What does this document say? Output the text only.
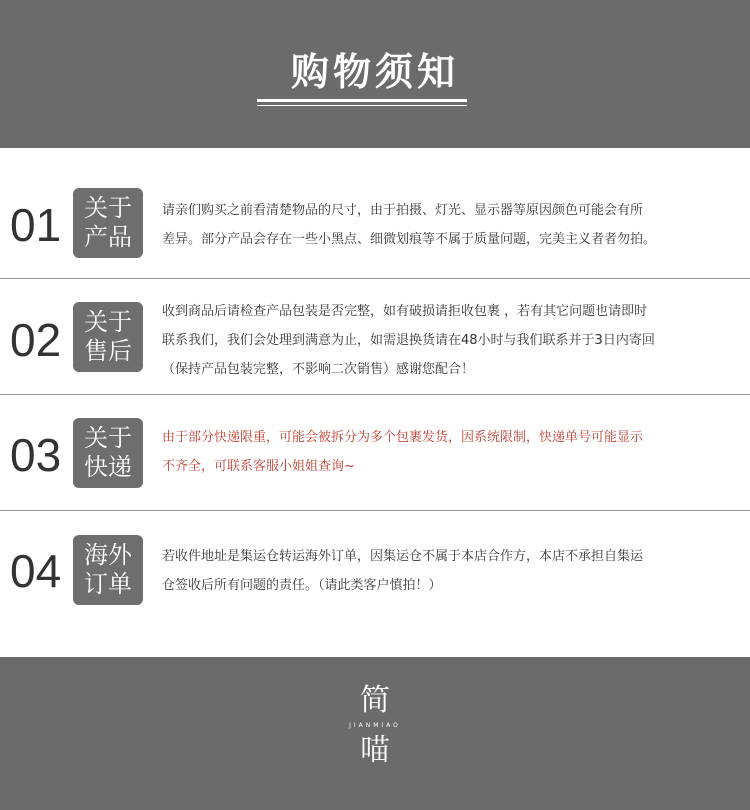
购物须知
01 关于
产品
请亲们购买之前看清楚物品的尺寸，由于拍摄、灯光、显示器等原因颜色可能会有所
差异。部分产品会存在一些小黑点、细微划痕等不属于质量问题，完美主义者者勿拍。
02 关于
售后
收到商品后请检查产品包装是否完整，如有破损请拒收包裹 ，若有其它问题也请即时
联系我们，我们会处理到满意为止，如需退换货请在48小时与我们联系并于3日内寄回
（保持产品包装完整，不影响二次销售）感谢您配合！
03 关于
快递
由于部分快递限重，可能会被拆分为多个包裹发货，因系统限制，快递单号可能显示
不齐全，可联系客服小姐姐查询~
04 海外
订单
若收件地址是集运仓转运海外订单，因集运仓不属于本店合作方，本店不承担自集运
仓签收后所有问题的责任。（请此类客户慎拍！）
简
JIANMIAO
喵
